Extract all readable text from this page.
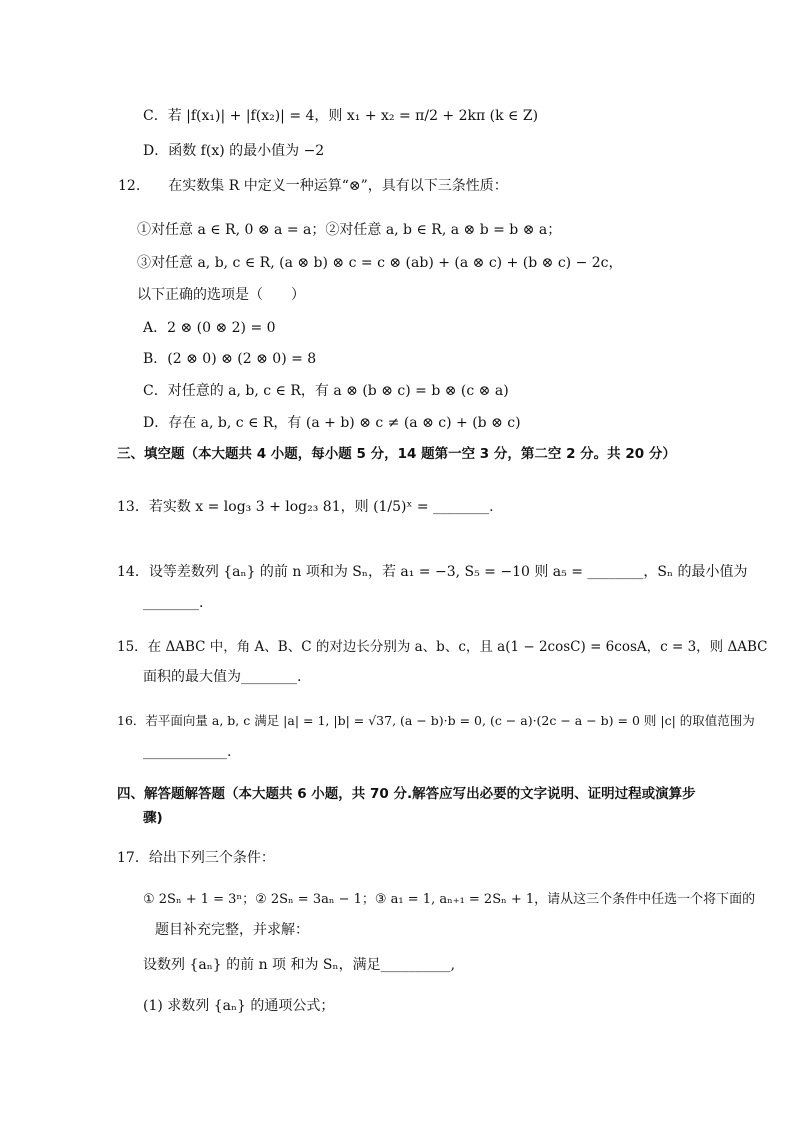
C．若 |f(x₁)| + |f(x₂)| = 4，则 x₁ + x₂ = π/2 + 2kπ (k ∈ Z)
D．函数 f(x) 的最小值为 −2
12.　　在实数集 R 中定义一种运算“⊗”，具有以下三条性质：
①对任意 a ∈ R, 0 ⊗ a = a；②对任意 a, b ∈ R, a ⊗ b = b ⊗ a；
③对任意 a, b, c ∈ R, (a ⊗ b) ⊗ c = c ⊗ (ab) + (a ⊗ c) + (b ⊗ c) − 2c，
以下正确的选项是（　　）
A．2 ⊗ (0 ⊗ 2) = 0
B．(2 ⊗ 0) ⊗ (2 ⊗ 0) = 8
C．对任意的 a, b, c ∈ R，有 a ⊗ (b ⊗ c) = b ⊗ (c ⊗ a)
D．存在 a, b, c ∈ R，有 (a + b) ⊗ c ≠ (a ⊗ c) + (b ⊗ c)
三、填空题（本大题共 4 小题，每小题 5 分，14 题第一空 3 分，第二空 2 分。共 20 分）
13．若实数 x = log₃ 3 + log₂₃ 81，则 (1/5)ˣ = ________.
14．设等差数列 {aₙ} 的前 n 项和为 Sₙ，若 a₁ = −3, S₅ = −10 则 a₅ = ________，Sₙ 的最小值为
________.
15．在 ΔABC 中，角 A、B、C 的对边长分别为 a、b、c，且 a(1 − 2cosC) = 6cosA，c = 3，则 ΔABC
面积的最大值为________.
16．若平面向量 a, b, c 满足 |a| = 1, |b| = √37, (a − b)·b = 0, (c − a)·(2c − a − b) = 0 则 |c| 的取值范围为
____________.
四、解答题解答题（本大题共 6 小题，共 70 分.解答应写出必要的文字说明、证明过程或演算步
骤)
17．给出下列三个条件：
① 2Sₙ + 1 = 3ⁿ；② 2Sₙ = 3aₙ − 1；③ a₁ = 1, aₙ₊₁ = 2Sₙ + 1，请从这三个条件中任选一个将下面的
题目补充完整，并求解：
设数列 {aₙ} 的前 n 项 和为 Sₙ，满足__________,
(1) 求数列 {aₙ} 的通项公式；
